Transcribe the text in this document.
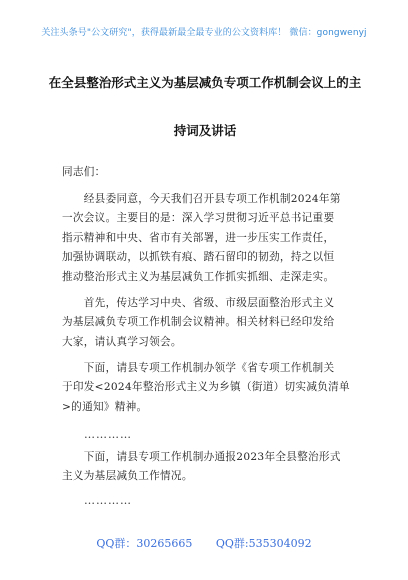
关注头条号"公文研究"，获得最新最全最专业的公文资料库！ 微信：gongwenyj
在全县整治形式主义为基层减负专项工作机制会议上的主
持词及讲话
同志们：
　　经县委同意，今天我们召开县专项工作机制2024年第
一次会议。主要目的是：深入学习贯彻习近平总书记重要
指示精神和中央、省市有关部署，进一步压实工作责任，
加强协调联动，以抓铁有痕、踏石留印的韧劲，持之以恒
推动整治形式主义为基层减负工作抓实抓细、走深走实。
　　首先，传达学习中央、省级、市级层面整治形式主义
为基层减负专项工作机制会议精神。相关材料已经印发给
大家，请认真学习领会。
　　下面，请县专项工作机制办领学《省专项工作机制关
于印发<2024年整治形式主义为乡镇（街道）切实减负清单
>的通知》精神。
…………
　　下面，请县专项工作机制办通报2023年全县整治形式
主义为基层减负工作情况。
…………
QQ群：30265665 QQ群:535304092
